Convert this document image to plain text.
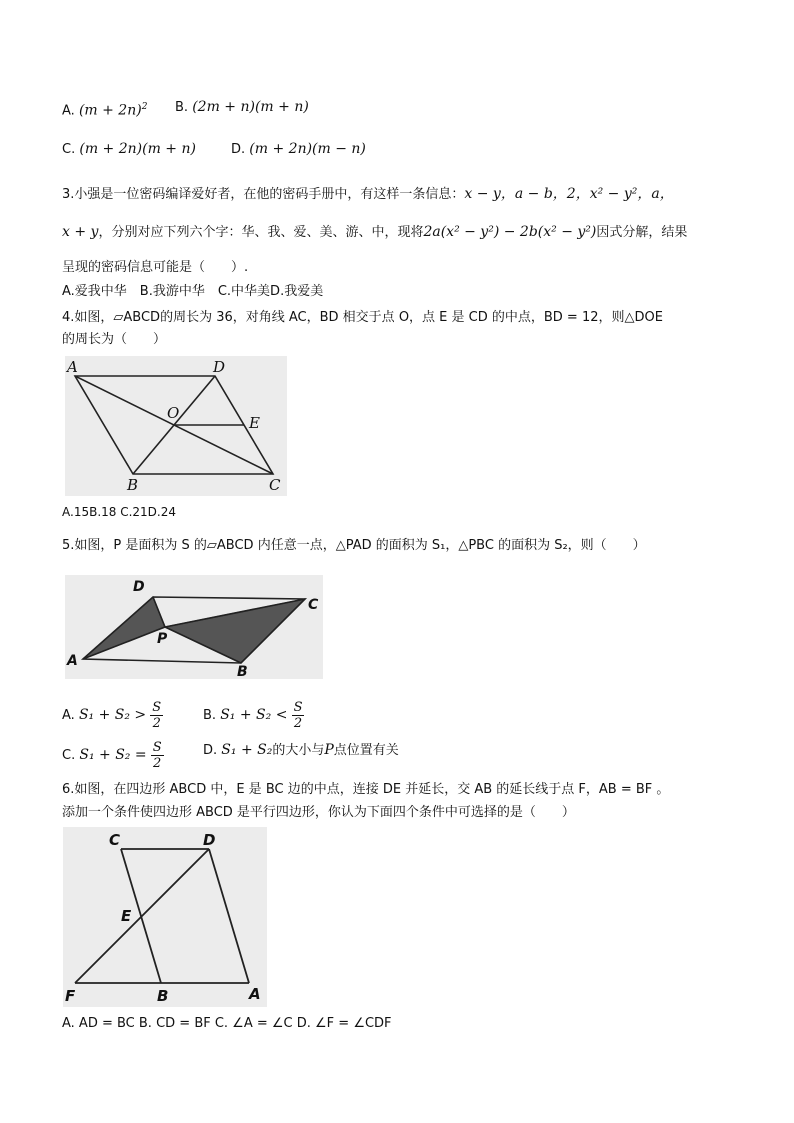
A. $(m + 2n)^2$ B. (2m + n)(m + n)
C. (m + 2n)(m + n)	D. (m + 2n)(m − n)
3.小强是一位密码编译爱好者，在他的密码手册中，有这样一条信息：x − y，a − b，2，x² − y²，a，
x + y，分别对应下列六个字：华、我、爱、美、游、中，现将2a(x² − y²) − 2b(x² − y²)因式分解，结果
呈现的密码信息可能是（　　）.
A.爱我中华　B.我游中华　C.中华美D.我爱美
4.如图，▱ABCD的周长为 36，对角线 AC，BD 相交于点 O，点 E 是 CD 的中点，BD = 12，则△DOE
的周长为（　　）
A	D
O
E
B	C
A.15B.18 C.21D.24
5.如图，P 是面积为 S 的▱ABCD 内任意一点，△PAD 的面积为 S₁，△PBC 的面积为 S₂，则（　　）
D
C
P
A
B
A. $S_1 + S_2 > \frac{S}{2}$	B. $S_1 + S_2 < \frac{S}{2}$
C. $S_1 + S_2 = \frac{S}{2}$	D. S₁ + S₂的大小与P点位置有关
6.如图，在四边形 ABCD 中，E 是 BC 边的中点，连接 DE 并延长，交 AB 的延长线于点 F，AB = BF 。
添加一个条件使四边形 ABCD 是平行四边形，你认为下面四个条件中可选择的是（　　）
C	D
E
F	B	A
A. AD = BC B. CD = BF C. ∠A = ∠C D. ∠F = ∠CDF
